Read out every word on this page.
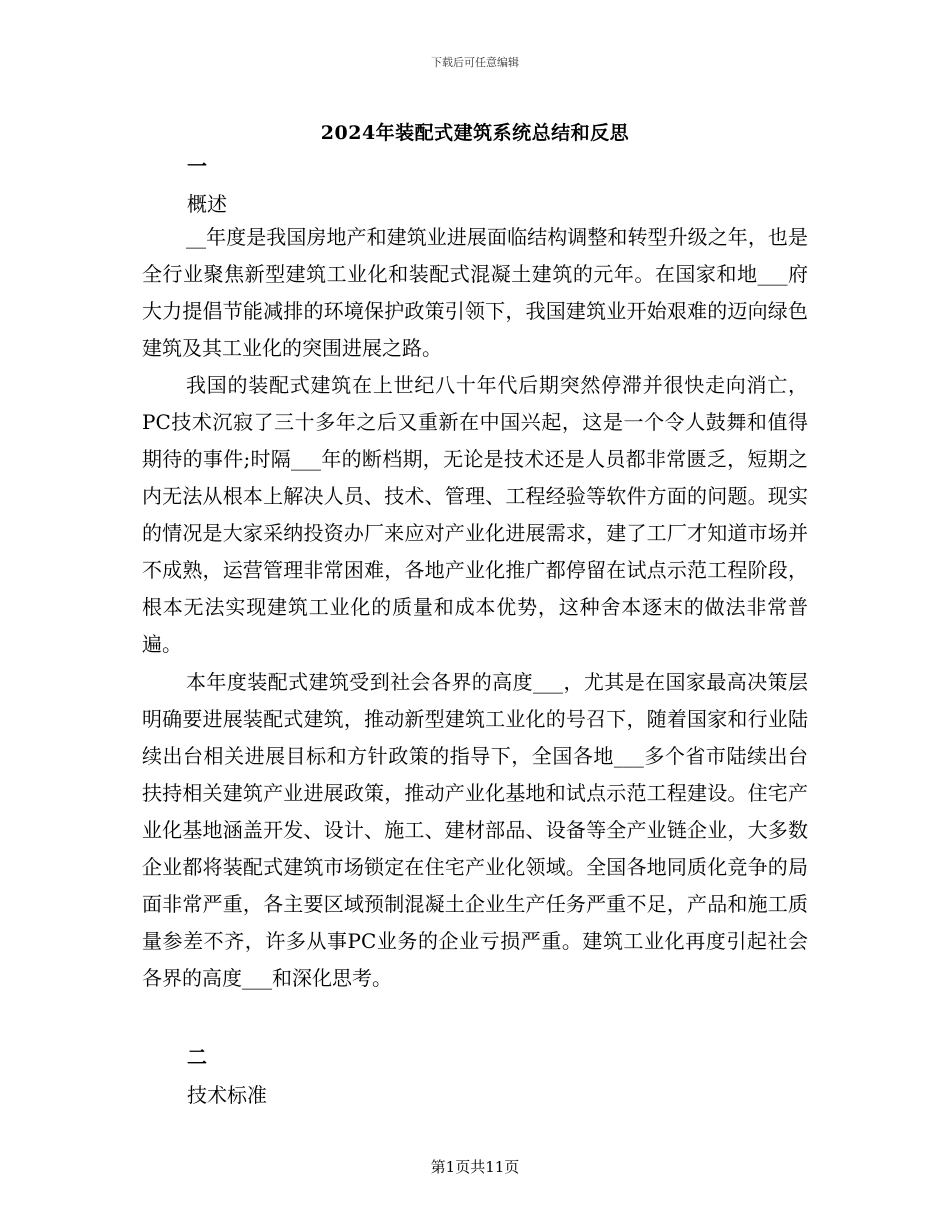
下载后可任意编辑
2024年装配式建筑系统总结和反思
一
概述

__年度是我国房地产和建筑业进展面临结构调整和转型升级之年，也是全行业聚焦新型建筑工业化和装配式混凝土建筑的元年。在国家和地___府大力提倡节能减排的环境保护政策引领下，我国建筑业开始艰难的迈向绿色建筑及其工业化的突围进展之路。

我国的装配式建筑在上世纪八十年代后期突然停滞并很快走向消亡，PC技术沉寂了三十多年之后又重新在中国兴起，这是一个令人鼓舞和值得期待的事件;时隔___年的断档期，无论是技术还是人员都非常匮乏，短期之内无法从根本上解决人员、技术、管理、工程经验等软件方面的问题。现实的情况是大家采纳投资办厂来应对产业化进展需求，建了工厂才知道市场并不成熟，运营管理非常困难，各地产业化推广都停留在试点示范工程阶段，根本无法实现建筑工业化的质量和成本优势，这种舍本逐末的做法非常普遍。

本年度装配式建筑受到社会各界的高度___，尤其是在国家最高决策层明确要进展装配式建筑，推动新型建筑工业化的号召下，随着国家和行业陆续出台相关进展目标和方针政策的指导下，全国各地___多个省市陆续出台扶持相关建筑产业进展政策，推动产业化基地和试点示范工程建设。住宅产业化基地涵盖开发、设计、施工、建材部品、设备等全产业链企业，大多数企业都将装配式建筑市场锁定在住宅产业化领域。全国各地同质化竞争的局面非常严重，各主要区域预制混凝土企业生产任务严重不足，产品和施工质量参差不齐，许多从事PC业务的企业亏损严重。建筑工业化再度引起社会各界的高度___和深化思考。

二
技术标准
第1页共11页
